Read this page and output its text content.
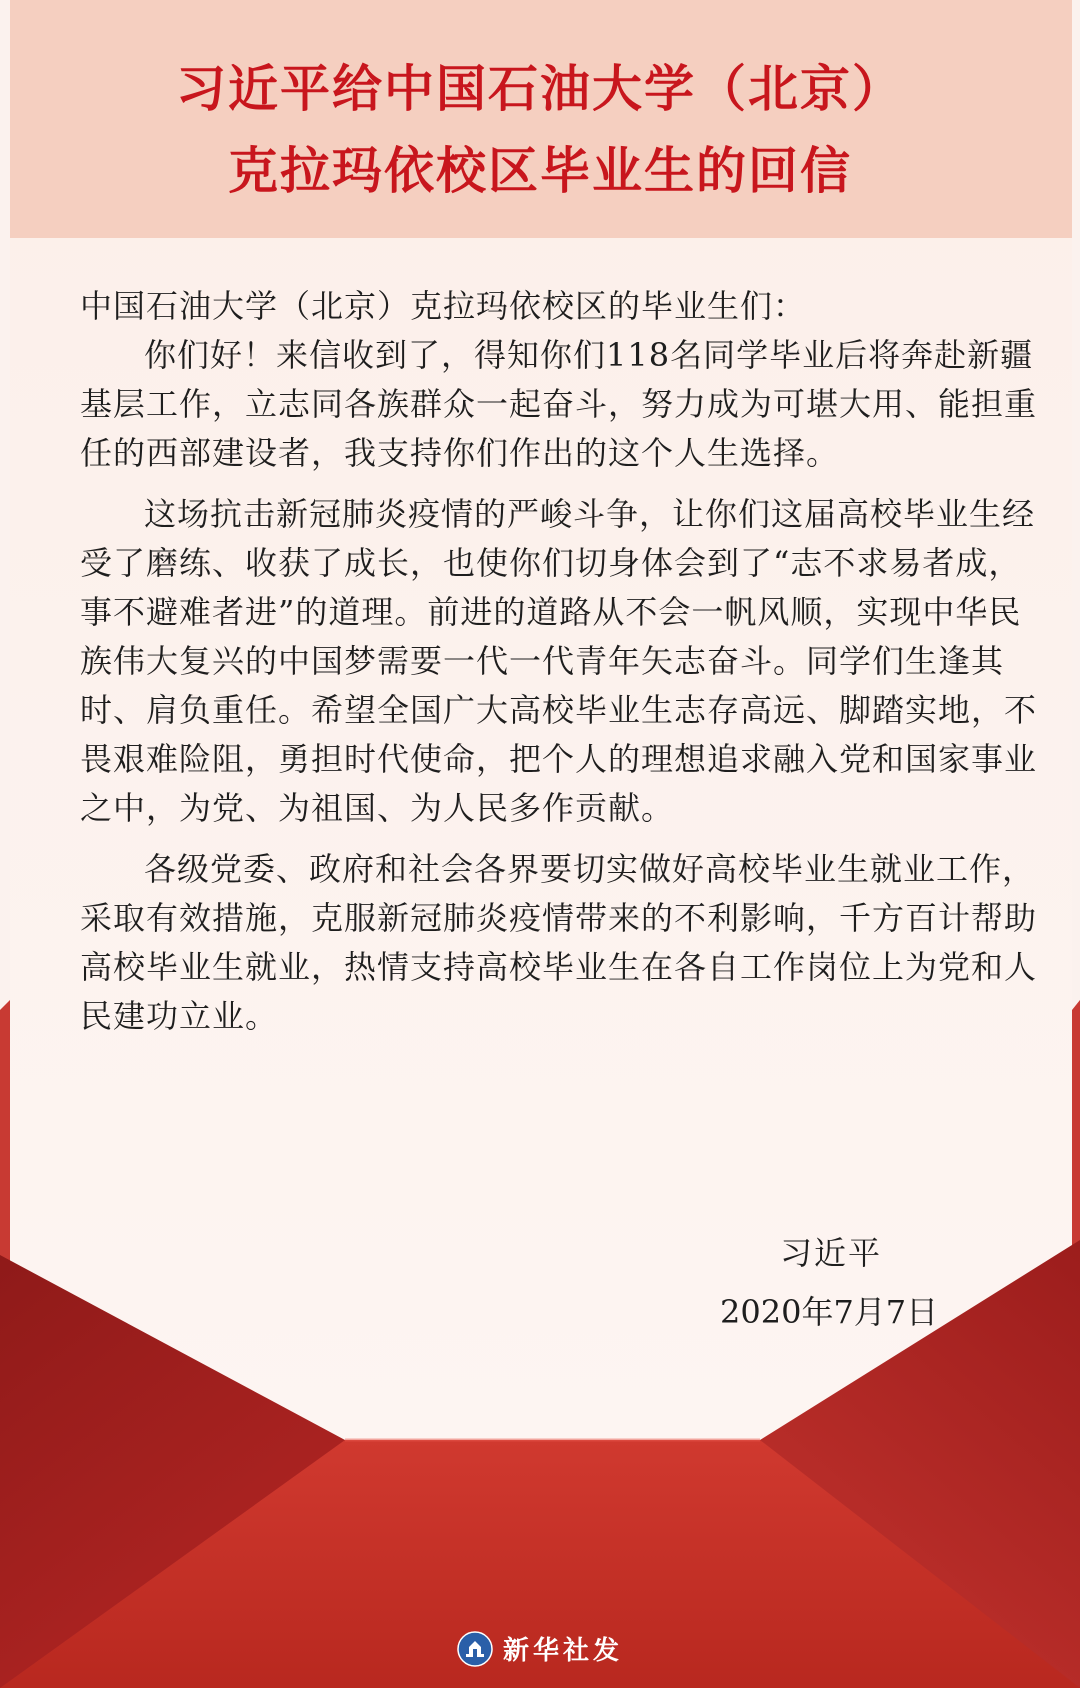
习近平给中国石油大学（北京）
克拉玛依校区毕业生的回信
中国石油大学（北京）克拉玛依校区的毕业生们：

你们好！来信收到了，得知你们118名同学毕业后将奔赴新疆基层工作，立志同各族群众一起奋斗，努力成为可堪大用、能担重任的西部建设者，我支持你们作出的这个人生选择。

这场抗击新冠肺炎疫情的严峻斗争，让你们这届高校毕业生经受了磨练、收获了成长，也使你们切身体会到了“志不求易者成，事不避难者进”的道理。前进的道路从不会一帆风顺，实现中华民族伟大复兴的中国梦需要一代一代青年矢志奋斗。同学们生逢其时、肩负重任。希望全国广大高校毕业生志存高远、脚踏实地，不畏艰难险阻，勇担时代使命，把个人的理想追求融入党和国家事业之中，为党、为祖国、为人民多作贡献。

各级党委、政府和社会各界要切实做好高校毕业生就业工作，采取有效措施，克服新冠肺炎疫情带来的不利影响，千方百计帮助高校毕业生就业，热情支持高校毕业生在各自工作岗位上为党和人民建功立业。

习近平
2020年7月7日
新华社发
